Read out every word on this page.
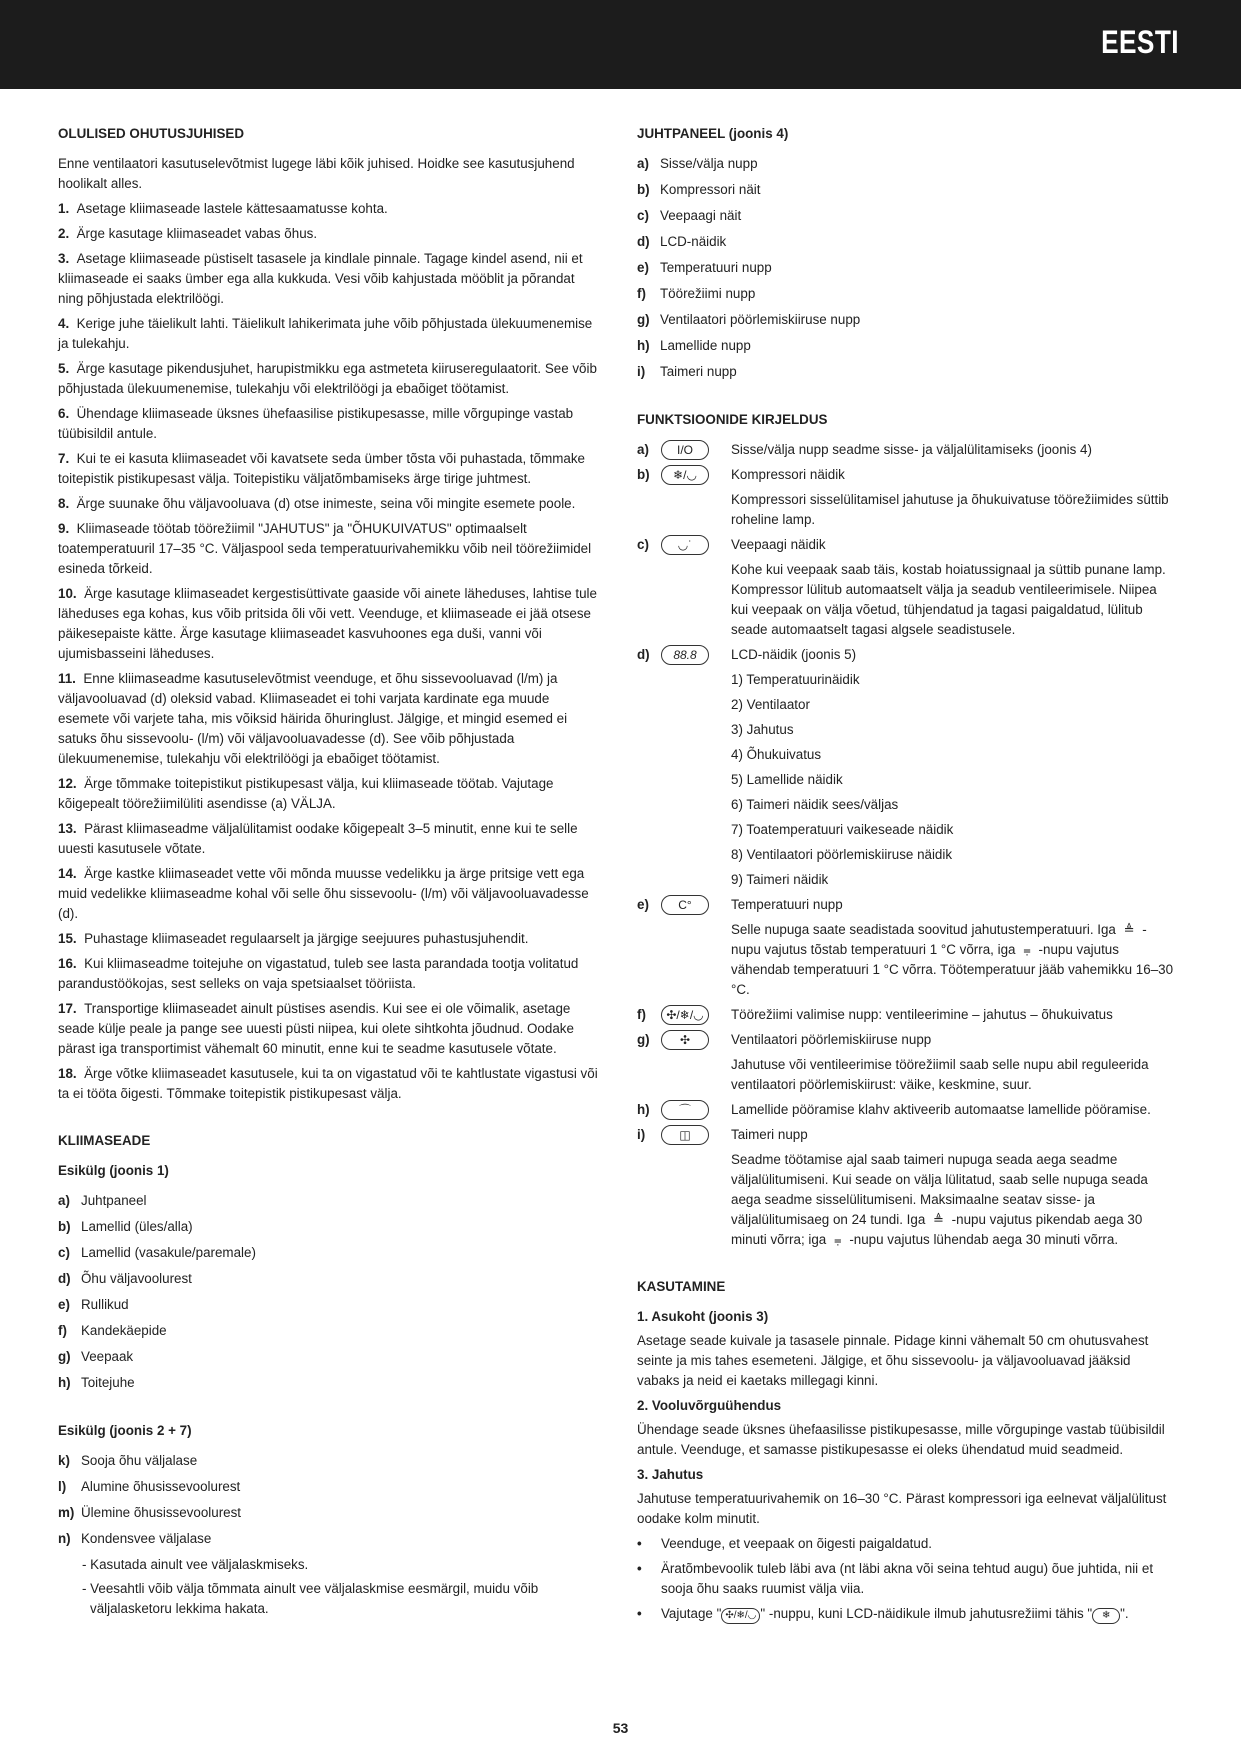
EESTI

OLULISED OHUTUSJUHISED

Enne ventilaatori kasutuselevõtmist lugege läbi kõik juhised. Hoidke see kasutusjuhend hoolikalt alles.

1. Asetage kliimaseade lastele kättesaamatusse kohta.

2. Ärge kasutage kliimaseadet vabas õhus.

3. Asetage kliimaseade püstiselt tasasele ja kindlale pinnale. Tagage kindel asend, nii et kliimaseade ei saaks ümber ega alla kukkuda. Vesi võib kahjustada mööblit ja põrandat ning põhjustada elektrilöögi.

4. Kerige juhe täielikult lahti. Täielikult lahikerimata juhe võib põhjustada ülekuumenemise ja tulekahju.

5. Ärge kasutage pikendusjuhet, harupistmikku ega astmeteta kiiruseregulaatorit. See võib põhjustada ülekuumenemise, tulekahju või elektrilöögi ja ebaõiget töötamist.

6. Ühendage kliimaseade üksnes ühefaasilise pistikupesasse, mille võrgupinge vastab tüübisildil antule.

7. Kui te ei kasuta kliimaseadet või kavatsete seda ümber tõsta või puhastada, tõmmake toitepistik pistikupesast välja. Toitepistiku väljatõmbamiseks ärge tirige juhtmest.

8. Ärge suunake õhu väljavooluava (d) otse inimeste, seina või mingite esemete poole.

9. Kliimaseade töötab töörežiimil "JAHUTUS" ja "ÕHUKUIVATUS" optimaalselt toatemperatuuril 17–35 °C. Väljaspool seda temperatuurivahemikku võib neil töörežiimidel esineda tõrkeid.

10. Ärge kasutage kliimaseadet kergestisüttivate gaaside või ainete läheduses, lahtise tule läheduses ega kohas, kus võib pritsida õli või vett. Veenduge, et kliimaseade ei jää otsese päikesepaiste kätte. Ärge kasutage kliimaseadet kasvuhoones ega duši, vanni või ujumisbasseini läheduses.

11. Enne kliimaseadme kasutuselevõtmist veenduge, et õhu sissevooluavad (l/m) ja väljavooluavad (d) oleksid vabad. Kliimaseadet ei tohi varjata kardinate ega muude esemete või varjete taha, mis võiksid häirida õhuringlust. Jälgige, et mingid esemed ei satuks õhu sissevoolu- (l/m) või väljavooluavadesse (d). See võib põhjustada ülekuumenemise, tulekahju või elektrilöögi ja ebaõiget töötamist.

12. Ärge tõmmake toitepistikut pistikupesast välja, kui kliimaseade töötab. Vajutage kõigepealt töörežiimilüliti asendisse (a) VÄLJA.

13. Pärast kliimaseadme väljalülitamist oodake kõigepealt 3–5 minutit, enne kui te selle uuesti kasutusele võtate.

14. Ärge kastke kliimaseadet vette või mõnda muusse vedelikku ja ärge pritsige vett ega muid vedelikke kliimaseadme kohal või selle õhu sissevoolu- (l/m) või väljavooluavadesse (d).

15. Puhastage kliimaseadet regulaarselt ja järgige seejuures puhastusjuhendit.

16. Kui kliimaseadme toitejuhe on vigastatud, tuleb see lasta parandada tootja volitatud parandustöökojas, sest selleks on vaja spetsiaalset tööriista.

17. Transportige kliimaseadet ainult püstises asendis. Kui see ei ole võimalik, asetage seade külje peale ja pange see uuesti püsti niipea, kui olete sihtkohta jõudnud. Oodake pärast iga transportimist vähemalt 60 minutit, enne kui te seadme kasutusele võtate.

18. Ärge võtke kliimaseadet kasutusele, kui ta on vigastatud või te kahtlustate vigastusi või ta ei tööta õigesti. Tõmmake toitepistik pistikupesast välja.

KLIIMASEADE

Esikülg (joonis 1)

a) Juhtpaneel
b) Lamellid (üles/alla)
c) Lamellid (vasakule/paremale)
d) Õhu väljavoolurest
e) Rullikud
f)	Kandekäepide
g) Veepaak
h) Toitejuhe

Esikülg (joonis 2 + 7)

k) Sooja õhu väljalase
l)	Alumine õhusissevoolurest
m) Ülemine õhusissevoolurest
n) Kondensvee väljalase
- Kasutada ainult vee väljalaskmiseks.
- Veesahtli võib välja tõmmata ainult vee väljalaskmise eesmärgil, muidu võib väljalasketoru lekkima hakata.

JUHTPANEEL (joonis 4)

a) Sisse/välja nupp
b) Kompressori näit
c) Veepaagi näit
d) LCD-näidik
e) Temperatuuri nupp
f)	Töörežiimi nupp
g) Ventilaatori pöörlemiskiiruse nupp
h) Lamellide nupp
i)	Taimeri nupp

FUNKTSIOONIDE KIRJELDUS

a)	I/O	Sisse/välja nupp seadme sisse- ja väljalülitamiseks (joonis 4)
b)	❄/◡	Kompressori näidik
Kompressori sisselülitamisel jahutuse ja õhukuivatuse töörežiimides süttib roheline lamp.
c)	◡˙	Veepaagi näidik
Kohe kui veepaak saab täis, kostab hoiatussignaal ja süttib punane lamp. Kompressor lülitub automaatselt välja ja seadub ventileerimisele. Niipea kui veepaak on välja võetud, tühjendatud ja tagasi paigaldatud, lülitub seade automaatselt tagasi algsele seadistusele.
d)	88.8	LCD-näidik (joonis 5)
1) Temperatuurinäidik
2) Ventilaator
3) Jahutus
4) Õhukuivatus
5) Lamellide näidik
6) Taimeri näidik sees/väljas
7) Toatemperatuuri vaikeseade näidik
8) Ventilaatori pöörlemiskiiruse näidik
9) Taimeri näidik
e)	C°	Temperatuuri nupp
Selle nupuga saate seadistada soovitud jahutustemperatuuri. Iga ≜ -nupu vajutus tõstab temperatuuri 1 °C võrra, iga ⩦ -nupu vajutus vähendab temperatuuri 1 °C võrra. Töötemperatuur jääb vahemikku 16–30 °C.
f)	✣/❄/◡	Töörežiimi valimise nupp: ventileerimine – jahutus – õhukuivatus
g)	✣	Ventilaatori pöörlemiskiiruse nupp
Jahutuse või ventileerimise töörežiimil saab selle nupu abil reguleerida ventilaatori pöörlemiskiirust: väike, keskmine, suur.
h)	⌒	Lamellide pööramise klahv aktiveerib automaatse lamellide pööramise.
i)	◫	Taimeri nupp
Seadme töötamise ajal saab taimeri nupuga seada aega seadme väljalülitumiseni. Kui seade on välja lülitatud, saab selle nupuga seada aega seadme sisselülitumiseni. Maksimaalne seatav sisse- ja väljalülitumisaeg on 24 tundi. Iga ≜ -nupu vajutus pikendab aega 30 minuti võrra; iga ⩦ -nupu vajutus lühendab aega 30 minuti võrra.

KASUTAMINE

1. Asukoht (joonis 3)

Asetage seade kuivale ja tasasele pinnale. Pidage kinni vähemalt 50 cm ohutusvahest seinte ja mis tahes esemeteni. Jälgige, et õhu sissevoolu- ja väljavooluavad jääksid vabaks ja neid ei kaetaks millegagi kinni.

2. Vooluvõrguühendus

Ühendage seade üksnes ühefaasilisse pistikupesasse, mille võrgupinge vastab tüübisildil antule. Veenduge, et samasse pistikupesasse ei oleks ühendatud muid seadmeid.

3. Jahutus

Jahutuse temperatuurivahemik on 16–30 °C. Pärast kompressori iga eelnevat väljalülitust oodake kolm minutit.

•	Veenduge, et veepaak on õigesti paigaldatud.
•	Äratõmbevoolik tuleb läbi ava (nt läbi akna või seina tehtud augu) õue juhtida, nii et sooja õhu saaks ruumist välja viia.
•	Vajutage " ✣/❄/◡ " -nuppu, kuni LCD-näidikule ilmub jahutusrežiimi tähis " ❄ ".
53
